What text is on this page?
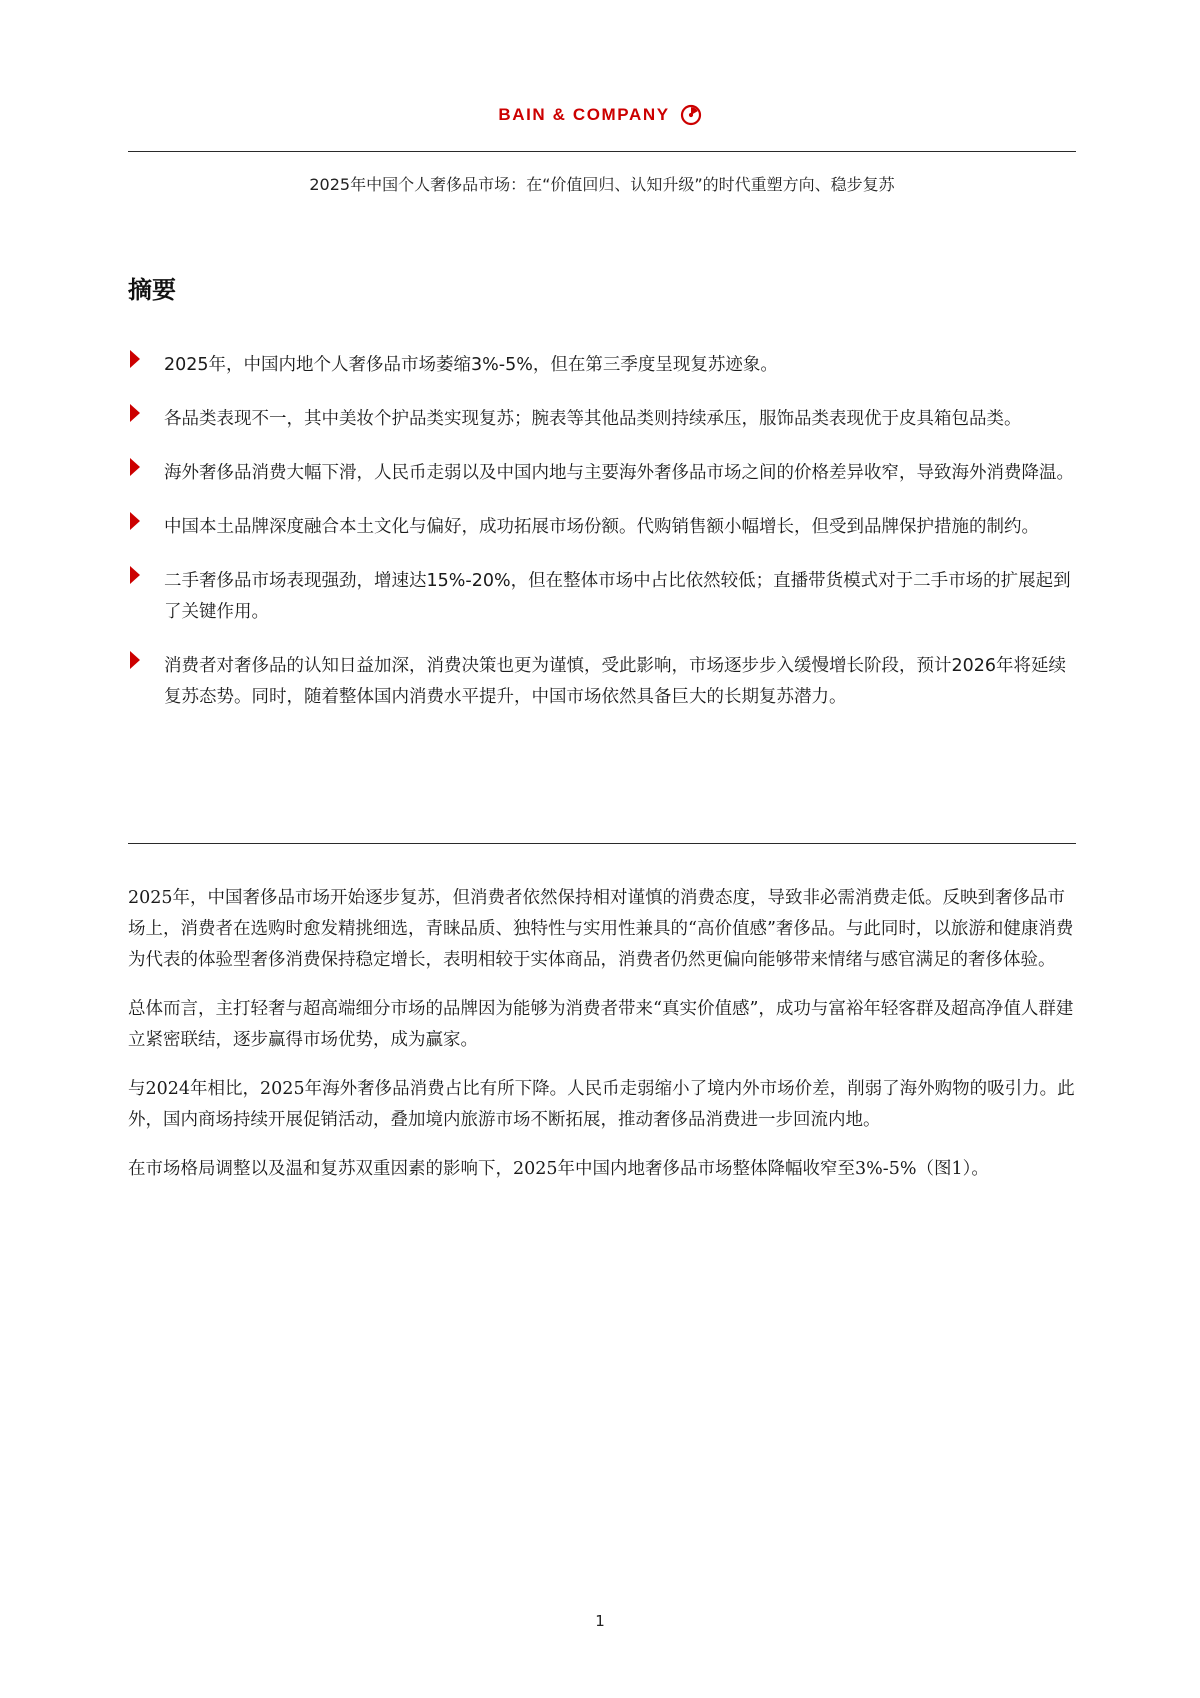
BAIN & COMPANY
2025年中国个人奢侈品市场：在“价值回归、认知升级”的时代重塑方向、稳步复苏
摘要
2025年，中国内地个人奢侈品市场萎缩3%-5%，但在第三季度呈现复苏迹象。
各品类表现不一，其中美妆个护品类实现复苏；腕表等其他品类则持续承压，服饰品类表现优于皮具箱包品类。
海外奢侈品消费大幅下滑，人民币走弱以及中国内地与主要海外奢侈品市场之间的价格差异收窄，导致海外消费降温。
中国本土品牌深度融合本土文化与偏好，成功拓展市场份额。代购销售额小幅增长，但受到品牌保护措施的制约。
二手奢侈品市场表现强劲，增速达15%-20%，但在整体市场中占比依然较低；直播带货模式对于二手市场的扩展起到了关键作用。
消费者对奢侈品的认知日益加深，消费决策也更为谨慎，受此影响，市场逐步步入缓慢增长阶段，预计2026年将延续复苏态势。同时，随着整体国内消费水平提升，中国市场依然具备巨大的长期复苏潜力。

2025年，中国奢侈品市场开始逐步复苏，但消费者依然保持相对谨慎的消费态度，导致非必需消费走低。反映到奢侈品市场上，消费者在选购时愈发精挑细选，青睐品质、独特性与实用性兼具的“高价值感”奢侈品。与此同时，以旅游和健康消费为代表的体验型奢侈消费保持稳定增长，表明相较于实体商品，消费者仍然更偏向能够带来情绪与感官满足的奢侈体验。

总体而言，主打轻奢与超高端细分市场的品牌因为能够为消费者带来“真实价值感”，成功与富裕年轻客群及超高净值人群建立紧密联结，逐步赢得市场优势，成为赢家。

与2024年相比，2025年海外奢侈品消费占比有所下降。人民币走弱缩小了境内外市场价差，削弱了海外购物的吸引力。此外，国内商场持续开展促销活动，叠加境内旅游市场不断拓展，推动奢侈品消费进一步回流内地。

在市场格局调整以及温和复苏双重因素的影响下，2025年中国内地奢侈品市场整体降幅收窄至3%-5%（图1）。

1
